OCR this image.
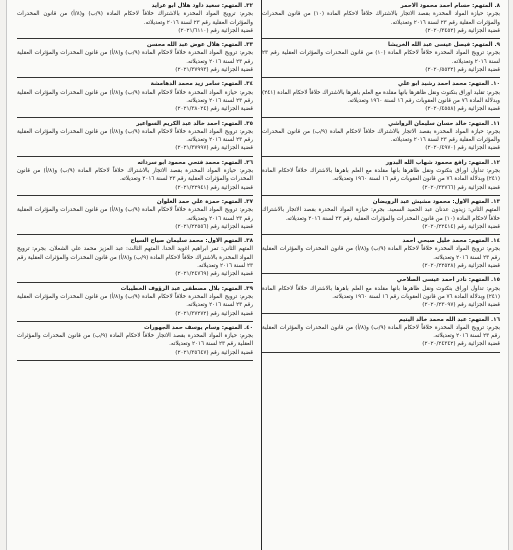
٨. المتهم: حسام احمد محمود الاحمر
بجرم: حيازة المواد المخدرة بقصد الاتجار بالاشتراك خلافاً لاحكام المادة (١٠) من قانون المخدرات والمؤثرات العقلية رقم ٢٣ لسنة ٢٠١٦ وتعديلاته.
قضية الجزائية رقم (٢٠٢٠/٣٤٥٢)
٩. المتهم: فيصل عيسى عبد الله الخريشا
بجرم: ترويج المواد المخدرة خلافاً لاحكام المادة (١٠) من قانون المخدرات والمؤثرات العقلية رقم ٢٣ لسنة ٢٠١٦ وتعديلاته.
قضية الجزائية رقم (٢٠٢٠/٥٥٣٢)
١٠. المتهم: محمد احمد رشيد ابو علي
بجرم: تقليد اوراق بنكنوت ونقل ظاهرها بانها مقلدة مع العلم باهرها بالاشتراك خلافاً لاحكام المادة (٢٤١) وبدلالة المادة ٧٦ من قانون العقوبات رقم ١٦ لسنة ١٩٦٠ وتعديلاته.
قضية الجزائية رقم (٢٠٢٠/٤٥٥٨)
١١. المتهم: خالد حسان سليمان الرواشي
بجرم: حيازة المواد المخدرة بقصد الاتجار بالاشتراك خلافاً لاحكام المادة (٩/ب) من قانون المخدرات والمؤثرات العقلية رقم ٢٣ لسنة ٢٠١٦ وتعديلاته.
قضية الجزائية رقم (٢٠٢٠/٤٩٧٠)
١٢. المتهم: رافع محمود شهاب الله البدور
بجرم: تداول اوراق بنكنوت ونقل ظاهرها بانها مقلدة مع العلم باهرها بالاشتراك خلافاً لاحكام المادة (٢٤١) وبدلالة المادة ٧٦ من قانون العقوبات رقم ١٦ لسنة ١٩٦٠ وتعديلاته.
قضية الجزائية رقم (٢٠٢٠/٣٣٧٦٦)
١٣. المتهم الاول: محمود مشيش عبد الرويضان
المتهم الثاني: زيدون عدنان عبد الحميد السعيد. بجرم: حيازة المواد المخدرة بقصد الاتجار بالاشتراك خلافاً لاحكام المادة (١٠) من قانون المخدرات والمؤثرات العقلية رقم ٢٣ لسنة ٢٠١٦ وتعديلاته.
قضية الجزائية رقم (٢٠٢٠/٢٢٤١٤)
١٤. المتهم: محمد خليل صبحي احمد
بجرم: ترويج المواد المخدرة خلافاً لاحكام المادة (٩/ب) و(٨/أ) من قانون المخدرات والمؤثرات العقلية رقم ٢٣ لسنة ٢٠١٦ وتعديلاته.
قضية الجزائية رقم (٢٠٢٠/٢٢٥٢٨)
١٥. المتهم: نادر احمد عيسى الصلاحي
بجرم: تداول اوراق بنكنوت ونقل ظاهرها بانها مقلدة مع العلم باهرها بالاشتراك خلافاً لاحكام المادة (٢٤١) وبدلالة المادة ٧٦ من قانون العقوبات رقم ١٦ لسنة ١٩٦٠ وتعديلاته.
قضية الجزائية رقم (٢٠٢٠/٢٣٠٩٧)
١٦. المتهم: عبد الله محمد خالد اليتيم
بجرم: ترويج المواد المخدرة خلافاً لاحكام المادة (٩/ب) و(٨/أ) من قانون المخدرات والمؤثرات العقلية رقم ٢٣ لسنة ٢٠١٦ وتعديلاته.
قضية الجزائية رقم (٢٠٢٠/٢٤٣٤٢)
٣٢. المتهم: سعيد داود هلال ابو عرايد
بجرم: ترويج المواد المخدرة بالاشتراك خلافاً لاحكام المادة (٩/ب) و(٨/أ) من قانون المخدرات والمؤثرات العقلية رقم ٢٣ لسنة ٢٠١٦ وتعديلاته.
قضية الجزائية رقم (٢٠٢١/٦١١٠)
٣٣. المتهم: هلال عوض عبد الله محسن
بجرم: ترويج المواد المخدرة خلافاً لاحكام المادة (٩/ب) و(٨/أ) من قانون المخدرات والمؤثرات العقلية رقم ٢٣ لسنة ٢٠١٦ وتعديلاته.
قضية الجزائية رقم (٢٠٢١/٣٧٩٩٣)
٣٤. المتهم: سامر زيد محمد الدهامشة
بجرم: حيازة المواد المخدرة خلافاً لاحكام المادة (٩/ب) و(٨/أ) من قانون المخدرات والمؤثرات العقلية رقم ٢٣ لسنة ٢٠١٦ وتعديلاته.
قضية الجزائية رقم (٢٠٢١/٣٨٠٢٤)
٣٥. المتهم: احمد خالد عبد الكريم السواعير
بجرم: ترويج المواد المخدرة خلافاً لاحكام المادة (٩/ب) و(٨/أ) من قانون المخدرات والمؤثرات العقلية رقم ٢٣ لسنة ٢٠١٦ وتعديلاته.
قضية الجزائية رقم (٢٠٢١/٣٧٩٩٧)
٣٦. المتهم: محمد فتحي محمود ابو سرداته
بجرم: حيازة المواد المخدرة بقصد الاتجار بالاشتراك خلافاً لاحكام المادة (٩/ب) و(٨/أ) من قانون المخدرات والمؤثرات العقلية رقم ٢٣ لسنة ٢٠١٦ وتعديلاته.
قضية الجزائية رقم (٢٠٢١/٢٢٩٤١)
٣٧. المتهم: حمزة علي حمد العلوان
بجرم: ترويج المواد المخدرة خلافاً لاحكام المادة (٩/ب) و(٨/أ) من قانون المخدرات والمؤثرات العقلية رقم ٢٣ لسنة ٢٠١٦ وتعديلاته.
قضية الجزائية رقم (٢٠٢١/٢٢٥٥٦)
٣٨. المتهم الاول: محمد سليمان صياح السياح
المتهم الثاني: تمر ابراهيم اغويد الحدا. المتهم الثالث: عبد العزيز محمد علي الشعلان. بجرم: ترويج المواد المخدرة بالاشتراك خلافاً لاحكام المادة (٩/ب) و(٨/أ) من قانون المخدرات والمؤثرات العقلية رقم ٢٣ لسنة ٢٠١٦ وتعديلاته.
قضية الجزائية رقم (٢٠٢١/٢٤٧٦٩)
٣٩. المتهم: بلال مصطفى عبد الرؤوف الخطيبات
بجرم: ترويج المواد المخدرة خلافاً لاحكام المادة (٩/ب) و(٨/أ) من قانون المخدرات والمؤثرات العقلية رقم ٢٣ لسنة ٢٠١٦ وتعديلاته.
قضية الجزائية رقم (٢٠٢١/٣٧٢٧٢)
٤٠. المتهم: وسام يوسف حمد الجهورات
بجرم: حيازة المواد المخدرة بقصد الاتجار خلافاً لاحكام المادة (٩/ب) من قانون المخدرات والمؤثرات العقلية رقم ٢٣ لسنة ٢٠١٦ وتعديلاته.
قضية الجزائية رقم (٢٠٢١/٣٥٦٤٧)
